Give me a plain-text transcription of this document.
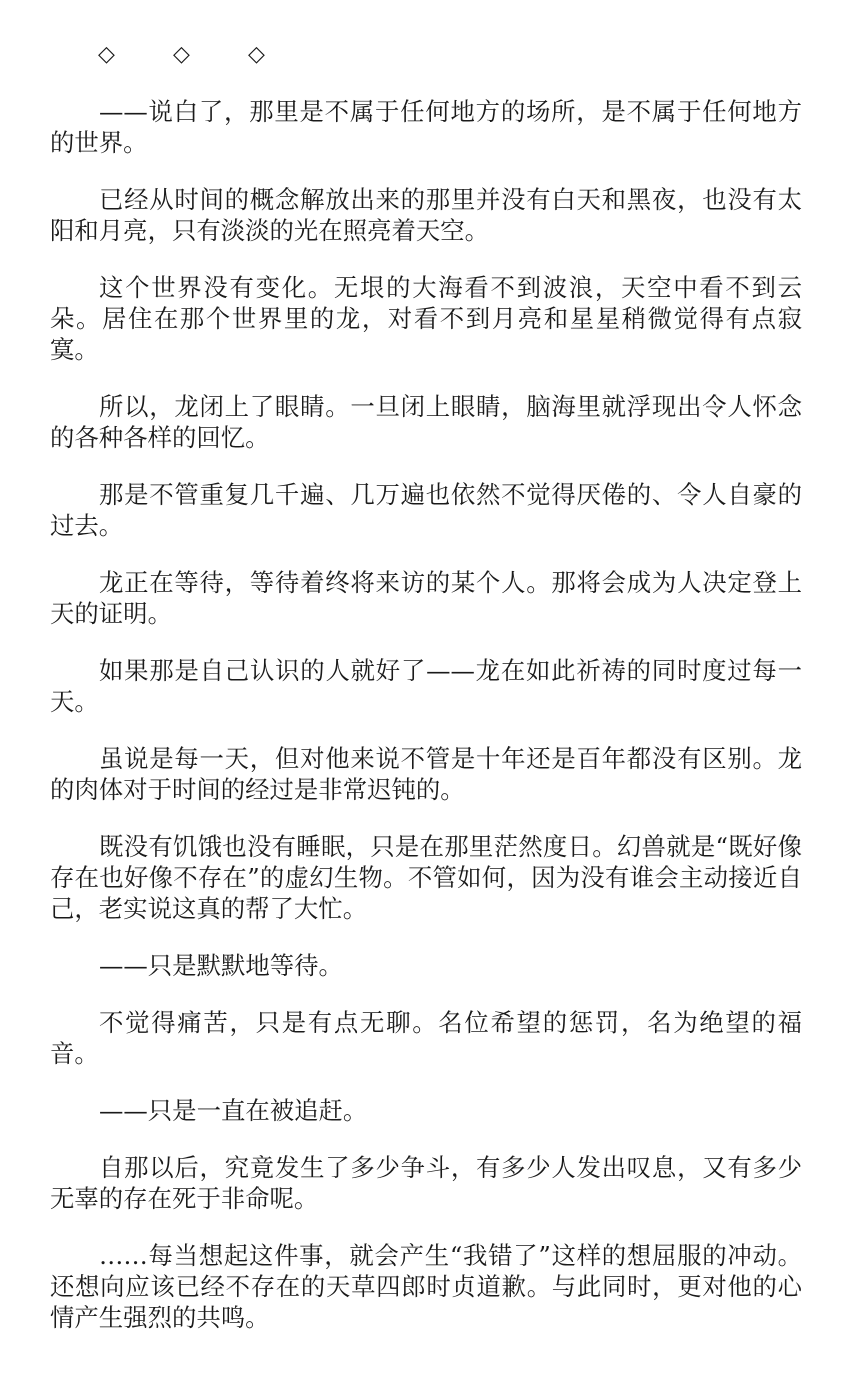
◇	◇	◇

——说白了，那里是不属于任何地方的场所，是不属于任何地方的世界。

已经从时间的概念解放出来的那里并没有白天和黑夜，也没有太阳和月亮，只有淡淡的光在照亮着天空。

这个世界没有变化。无垠的大海看不到波浪，天空中看不到云朵。居住在那个世界里的龙，对看不到月亮和星星稍微觉得有点寂寞。

所以，龙闭上了眼睛。一旦闭上眼睛，脑海里就浮现出令人怀念的各种各样的回忆。

那是不管重复几千遍、几万遍也依然不觉得厌倦的、令人自豪的过去。

龙正在等待，等待着终将来访的某个人。那将会成为人决定登上天的证明。

如果那是自己认识的人就好了——龙在如此祈祷的同时度过每一天。

虽说是每一天，但对他来说不管是十年还是百年都没有区别。龙的肉体对于时间的经过是非常迟钝的。

既没有饥饿也没有睡眠，只是在那里茫然度日。幻兽就是“既好像存在也好像不存在”的虚幻生物。不管如何，因为没有谁会主动接近自己，老实说这真的帮了大忙。

——只是默默地等待。

不觉得痛苦，只是有点无聊。名位希望的惩罚，名为绝望的福音。

——只是一直在被追赶。

自那以后，究竟发生了多少争斗，有多少人发出叹息，又有多少无辜的存在死于非命呢。

……每当想起这件事，就会产生“我错了”这样的想屈服的冲动。还想向应该已经不存在的天草四郎时贞道歉。与此同时，更对他的心情产生强烈的共鸣。
